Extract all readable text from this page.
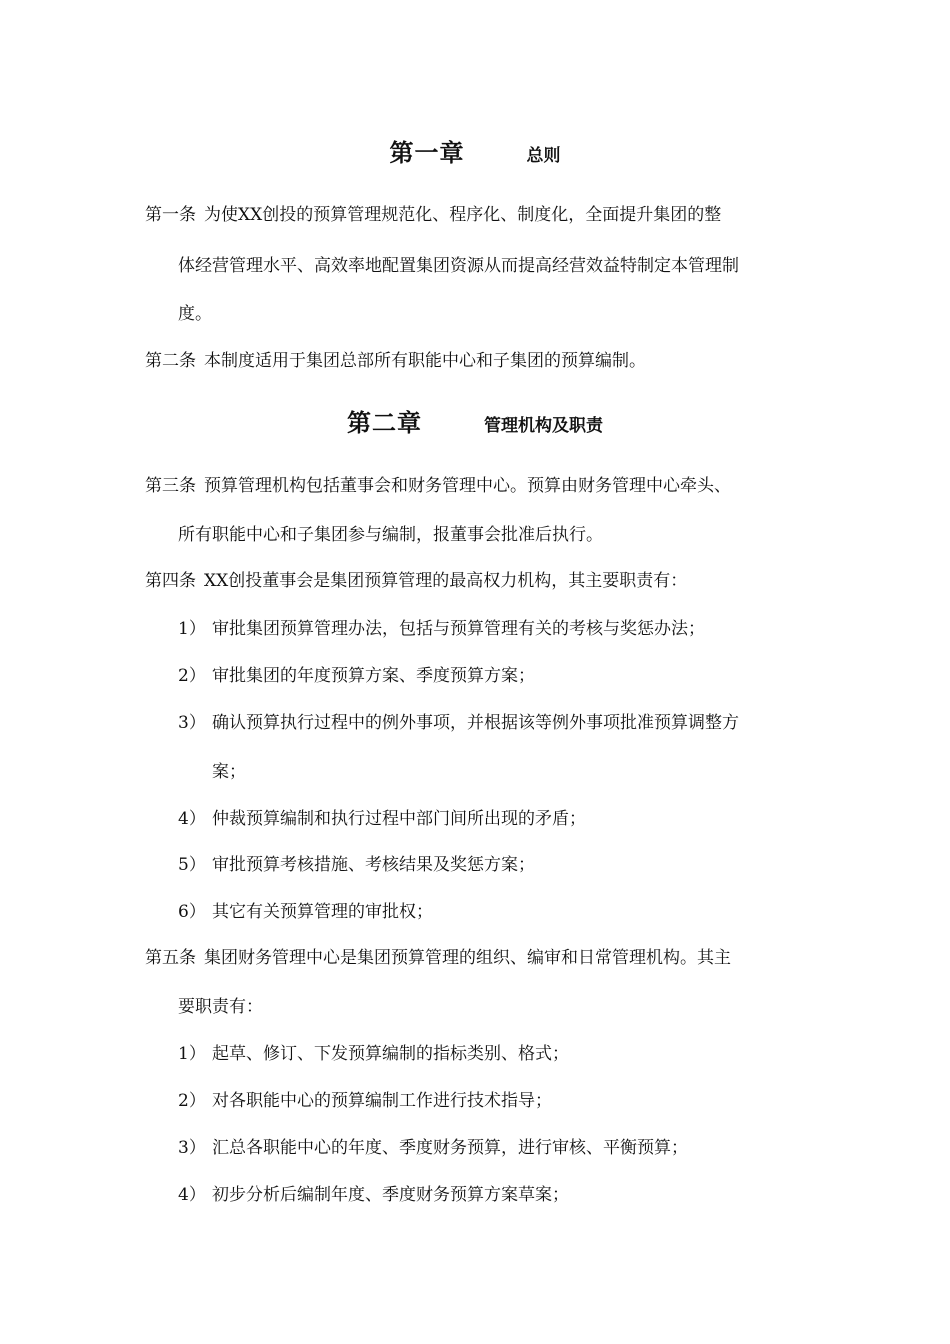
第一章	总则
第一条 为使XX创投的预算管理规范化、程序化、制度化，全面提升集团的整
体经营管理水平、高效率地配置集团资源从而提高经营效益特制定本管理制
度。
第二条 本制度适用于集团总部所有职能中心和子集团的预算编制。
第二章	管理机构及职责
第三条 预算管理机构包括董事会和财务管理中心。预算由财务管理中心牵头、
所有职能中心和子集团参与编制，报董事会批准后执行。
第四条 XX创投董事会是集团预算管理的最高权力机构，其主要职责有：
1） 审批集团预算管理办法，包括与预算管理有关的考核与奖惩办法；
2） 审批集团的年度预算方案、季度预算方案；
3） 确认预算执行过程中的例外事项，并根据该等例外事项批准预算调整方
案；
4） 仲裁预算编制和执行过程中部门间所出现的矛盾；
5） 审批预算考核措施、考核结果及奖惩方案；
6） 其它有关预算管理的审批权；
第五条 集团财务管理中心是集团预算管理的组织、编审和日常管理机构。其主
要职责有：
1） 起草、修订、下发预算编制的指标类别、格式；
2） 对各职能中心的预算编制工作进行技术指导；
3） 汇总各职能中心的年度、季度财务预算，进行审核、平衡预算；
4） 初步分析后编制年度、季度财务预算方案草案；
